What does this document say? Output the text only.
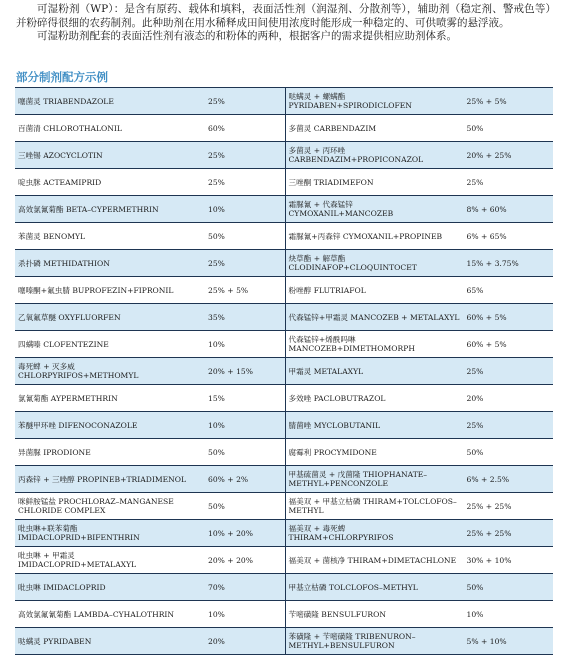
可湿粉剂（WP）：是含有原药、载体和填料，表面活性剂（润湿剂、分散剂等），辅助剂（稳定剂、警戒色等）并粉碎得很细的农药制剂。此种助剂在用水稀释成田间使用浓度时能形成一种稳定的、可供喷雾的悬浮液。

可湿粉助剂配套的表面活性剂有液态的和粉体的两种，根据客户的需求提供相应助剂体系。

部分制剂配方示例
噻菌灵 TRIABENDAZOLE	25%

百菌清 CHLOROTHALONIL	60%

三唑锡 AZOCYCLOTIN	25%

啶虫脒 ACTEAMIPRID	25%

高效氯氰菊酯 BETA–CYPERMETHRIN	10%

苯菌灵 BENOMYL	50%

杀扑磷 METHIDATHION	25%

噻嗪酮+氟虫腈 BUPROFEZIN+FIPRONIL	25% + 5%

乙氧氟草醚 OXYFLUORFEN	35%

四螨嗪 CLOFENTEZINE	10%

毒死蜱 + 灭多威
CHLORPYRIFOS+METHOMYL	20% + 15%

氯氰菊酯 AYPERMETHRIN	15%

苯醚甲环唑 DIFENOCONAZOLE	10%

异菌脲 IPRODIONE	50%

丙森锌 + 三唑醇 PROPINEB+TRIADIMENOL	60% + 2%

咪鲜胺锰盐 PROCHLORAZ–MANGANESE
CHLORIDE COMPLEX	50%

吡虫啉+联苯菊酯
IMIDACLOPRID+BIFENTHRIN	10% + 20%

吡虫啉 + 甲霜灵
IMIDACLOPRID+METALAXYL	20% + 20%

吡虫啉 IMIDACLOPRID	70%

高效氯氟氰菊酯 LAMBDA–CYHALOTHRIN	10%

哒螨灵 PYRIDABEN	20%
哒螨灵 + 螺螨酯
PYRIDABEN+SPIRODICLOFEN	25% + 5%

多菌灵 CARBENDAZIM	50%

多菌灵 + 丙环唑
CARBENDAZIM+PROPICONAZOL	20% + 25%

三唑酮 TRIADIMEFON	25%

霜脲氰 + 代森锰锌 CYMOXANIL+MANCOZEB	8% + 60%

霜脲氰+丙森锌 CYMOXANIL+PROPINEB	6% + 65%

炔草酯 + 解草酯
CLODINAFOP+CLOQUINTOCET	15% + 3.75%

粉唑醇 FLUTRIAFOL	65%

代森锰锌+甲霜灵 MANCOZEB + METALAXYL	60% + 5%

代森锰锌+烯酰吗啉
MANCOZEB+DIMETHOMORPH	60% + 5%

甲霜灵 METALAXYL	25%

多效唑 PACLOBUTRAZOL	20%

腈菌唑 MYCLOBUTANIL	25%

腐霉利 PROCYMIDONE	50%

甲基硫菌灵 + 戊菌隆 THIOPHANATE–
METHYL+PENCONZOLE	6% + 2.5%

福美双 + 甲基立枯磷 THIRAM+TOLCLOFOS–
METHYL	25% + 25%

福美双 + 毒死蜱
THIRAM+CHLORPYRIFOS	25% + 25%

福美双 + 菌核净 THIRAM+DIMETACHLONE	30% + 10%

甲基立枯磷 TOLCLOFOS–METHYL	50%

苄嘧磺隆 BENSULFURON	10%

苯磺隆 + 苄嘧磺隆 TRIBENURON–
METHYL+BENSULFURON	5% + 10%
